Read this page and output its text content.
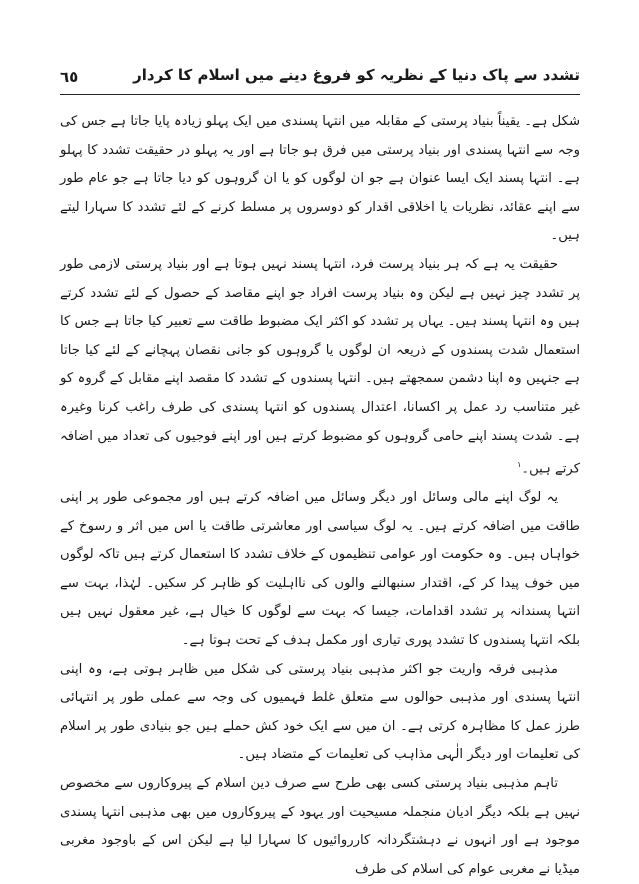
٦٥	تشدد سے پاک دنیا کے نظریہ کو فروغ دینے میں اسلام کا کردار

شکل ہے۔ یقیناً بنیاد پرستی کے مقابلہ میں انتہا پسندی میں ایک پہلو زیادہ پایا جاتا ہے جس کی وجہ سے انتہا پسندی اور بنیاد پرستی میں فرق ہو جاتا ہے اور یہ پہلو در حقیقت تشدد کا پہلو ہے۔ انتہا پسند ایک ایسا عنوان ہے جو ان لوگوں کو یا ان گروہوں کو دیا جاتا ہے جو عام طور سے اپنے عقائد، نظریات یا اخلاقی اقدار کو دوسروں پر مسلط کرنے کے لئے تشدد کا سہارا لیتے ہیں۔

حقیقت یہ ہے کہ ہر بنیاد پرست فرد، انتہا پسند نہیں ہوتا ہے اور بنیاد پرستی لازمی طور پر تشدد چیز نہیں ہے لیکن وہ بنیاد پرست افراد جو اپنے مقاصد کے حصول کے لئے تشدد کرتے ہیں وہ انتہا پسند ہیں۔ یہاں پر تشدد کو اکثر ایک مضبوط طاقت سے تعبیر کیا جاتا ہے جس کا استعمال شدت پسندوں کے ذریعہ ان لوگوں یا گروہوں کو جانی نقصان پہچانے کے لئے کیا جاتا ہے جنہیں وہ اپنا دشمن سمجھتے ہیں۔ انتہا پسندوں کے تشدد کا مقصد اپنے مقابل کے گروہ کو غیر متناسب رد عمل پر اکسانا، اعتدال پسندوں کو انتہا پسندی کی طرف راغب کرنا وغیرہ ہے۔ شدت پسند اپنے حامی گروہوں کو مضبوط کرتے ہیں اور اپنے فوجیوں کی تعداد میں اضافہ کرتے ہیں۔$^۱$

یہ لوگ اپنے مالی وسائل اور دیگر وسائل میں اضافہ کرتے ہیں اور مجموعی طور پر اپنی طاقت میں اضافہ کرتے ہیں۔ یہ لوگ سیاسی اور معاشرتی طاقت یا اس میں اثر و رسوخ کے خواہاں ہیں۔ وہ حکومت اور عوامی تنظیموں کے خلاف تشدد کا استعمال کرتے ہیں تاکہ لوگوں میں خوف پیدا کر کے، اقتدار سنبھالنے والوں کی نااہلیت کو ظاہر کر سکیں۔ لہٰذا، بہت سے انتہا پسندانہ پر تشدد اقدامات، جیسا کہ بہت سے لوگوں کا خیال ہے، غیر معقول نہیں ہیں بلکہ انتہا پسندوں کا تشدد پوری تیاری اور مکمل ہدف کے تحت ہوتا ہے۔

مذہبی فرقہ واریت جو اکثر مذہبی بنیاد پرستی کی شکل میں ظاہر ہوتی ہے، وہ اپنی انتہا پسندی اور مذہبی حوالوں سے متعلق غلط فہمیوں کی وجہ سے عملی طور پر انتہائی طرز عمل کا مظاہرہ کرتی ہے۔ ان میں سے ایک خود کش حملے ہیں جو بنیادی طور پر اسلام کی تعلیمات اور دیگر الٰہی مذاہب کی تعلیمات کے متضاد ہیں۔

تاہم مذہبی بنیاد پرستی کسی بھی طرح سے صرف دین اسلام کے پیروکاروں سے مخصوص نہیں ہے بلکہ دیگر ادیان منجملہ مسیحیت اور یہود کے پیروکاروں میں بھی مذہبی انتہا پسندی موجود ہے اور انہوں نے دہشتگردانہ کارروائیوں کا سہارا لیا ہے لیکن اس کے باوجود مغربی میڈیا نے مغربی عوام کی اسلام کی طرف
